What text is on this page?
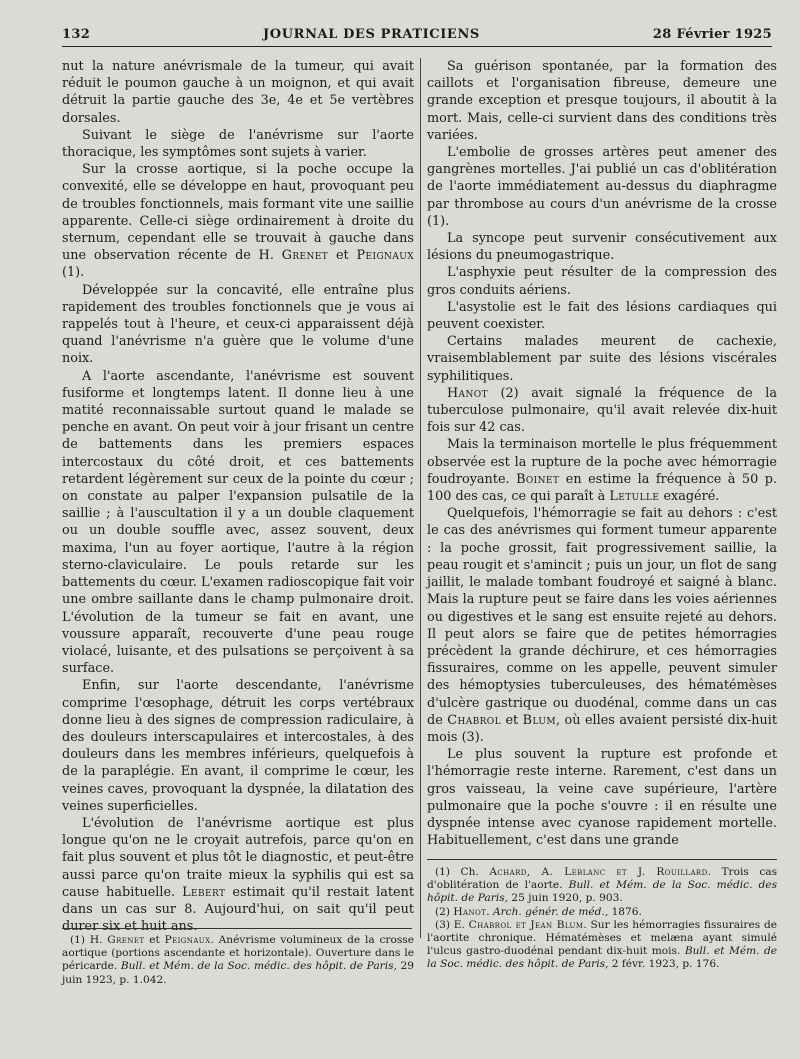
132	JOURNAL DES PRATICIENS	28 Février 1925

nut la nature anévrismale de la tumeur, qui avait réduit le poumon gauche à un moignon, et qui avait détruit la partie gauche des 3e, 4e et 5e vertèbres dorsales.

Suivant le siège de l'anévrisme sur l'aorte thoracique, les symptômes sont sujets à varier.

Sur la crosse aortique, si la poche occupe la convexité, elle se développe en haut, provoquant peu de troubles fonctionnels, mais formant vite une saillie apparente. Celle-ci siège ordinairement à droite du sternum, cependant elle se trouvait à gauche dans une observation récente de H. Grenet et Peignaux (1).

Développée sur la concavité, elle entraîne plus rapidement des troubles fonctionnels que je vous ai rappelés tout à l'heure, et ceux-ci apparaissent déjà quand l'anévrisme n'a guère que le volume d'une noix.

A l'aorte ascendante, l'anévrisme est souvent fusiforme et longtemps latent. Il donne lieu à une matité reconnaissable surtout quand le malade se penche en avant. On peut voir à jour frisant un centre de battements dans les premiers espaces intercostaux du côté droit, et ces battements retardent légèrement sur ceux de la pointe du cœur ; on constate au palper l'expansion pulsatile de la saillie ; à l'auscultation il y a un double claquement ou un double souffle avec, assez souvent, deux maxima, l'un au foyer aortique, l'autre à la région sterno-claviculaire. Le pouls retarde sur les battements du cœur. L'examen radioscopique fait voir une ombre saillante dans le champ pulmonaire droit. L'évolution de la tumeur se fait en avant, une voussure apparaît, recouverte d'une peau rouge violacé, luisante, et des pulsations se perçoivent à sa surface.

Enfin, sur l'aorte descendante, l'anévrisme comprime l'œsophage, détruit les corps vertébraux donne lieu à des signes de compression radiculaire, à des douleurs interscapulaires et intercostales, à des douleurs dans les membres inférieurs, quelquefois à de la paraplégie. En avant, il comprime le cœur, les veines caves, provoquant la dyspnée, la dilatation des veines superficielles.

L'évolution de l'anévrisme aortique est plus longue qu'on ne le croyait autrefois, parce qu'on en fait plus souvent et plus tôt le diagnostic, et peut-être aussi parce qu'on traite mieux la syphilis qui est sa cause habituelle. Lebert estimait qu'il restait latent dans un cas sur 8. Aujourd'hui, on sait qu'il peut durer six et huit ans.

Sa guérison spontanée, par la formation des caillots et l'organisation fibreuse, demeure une grande exception et presque toujours, il aboutit à la mort. Mais, celle-ci survient dans des conditions très variées.

L'embolie de grosses artères peut amener des gangrènes mortelles. J'ai publié un cas d'oblitération de l'aorte immédiatement au-dessus du diaphragme par thrombose au cours d'un anévrisme de la crosse (1).

La syncope peut survenir consécutivement aux lésions du pneumogastrique.

L'asphyxie peut résulter de la compression des gros conduits aériens.

L'asystolie est le fait des lésions cardiaques qui peuvent coexister.

Certains malades meurent de cachexie, vraisemblablement par suite des lésions viscérales syphilitiques.

Hanot (2) avait signalé la fréquence de la tuberculose pulmonaire, qu'il avait relevée dix-huit fois sur 42 cas.

Mais la terminaison mortelle le plus fréquemment observée est la rupture de la poche avec hémorragie foudroyante. Boinet en estime la fréquence à 50 p. 100 des cas, ce qui paraît à Letulle exagéré.

Quelquefois, l'hémorragie se fait au dehors : c'est le cas des anévrismes qui forment tumeur apparente : la poche grossit, fait progressivement saillie, la peau rougit et s'amincit ; puis un jour, un flot de sang jaillit, le malade tombant foudroyé et saigné à blanc. Mais la rupture peut se faire dans les voies aériennes ou digestives et le sang est ensuite rejeté au dehors. Il peut alors se faire que de petites hémorragies précèdent la grande déchirure, et ces hémorragies fissuraires, comme on les appelle, peuvent simuler des hémoptysies tuberculeuses, des hématémèses d'ulcère gastrique ou duodénal, comme dans un cas de Chabrol et Blum, où elles avaient persisté dix-huit mois (3).

Le plus souvent la rupture est profonde et l'hémorragie reste interne. Rarement, c'est dans un gros vaisseau, la veine cave supérieure, l'artère pulmonaire que la poche s'ouvre : il en résulte une dyspnée intense avec cyanose rapidement mortelle. Habituellement, c'est dans une grande

(1) H. Grenet et Peignaux. Anévrisme volumineux de la crosse aortique (portions ascendante et horizontale). Ouverture dans le péricarde. Bull. et Mém. de la Soc. médic. des hôpit. de Paris, 29 juin 1923, p. 1.042.

(1) Ch. Achard, A. Leblanc et J. Rouillard. Trois cas d'oblitération de l'aorte. Bull. et Mém. de la Soc. médic. des hôpit. de Paris, 25 juin 1920, p. 903.

(2) Hanot. Arch. génér. de méd., 1876.

(3) E. Chabrol et Jean Blum. Sur les hémorragies fissuraires de l'aortite chronique. Hématémèses et melæna ayant simulé l'ulcus gastro-duodénal pendant dix-huit mois. Bull. et Mém. de la Soc. médic. des hôpit. de Paris, 2 févr. 1923, p. 176.
